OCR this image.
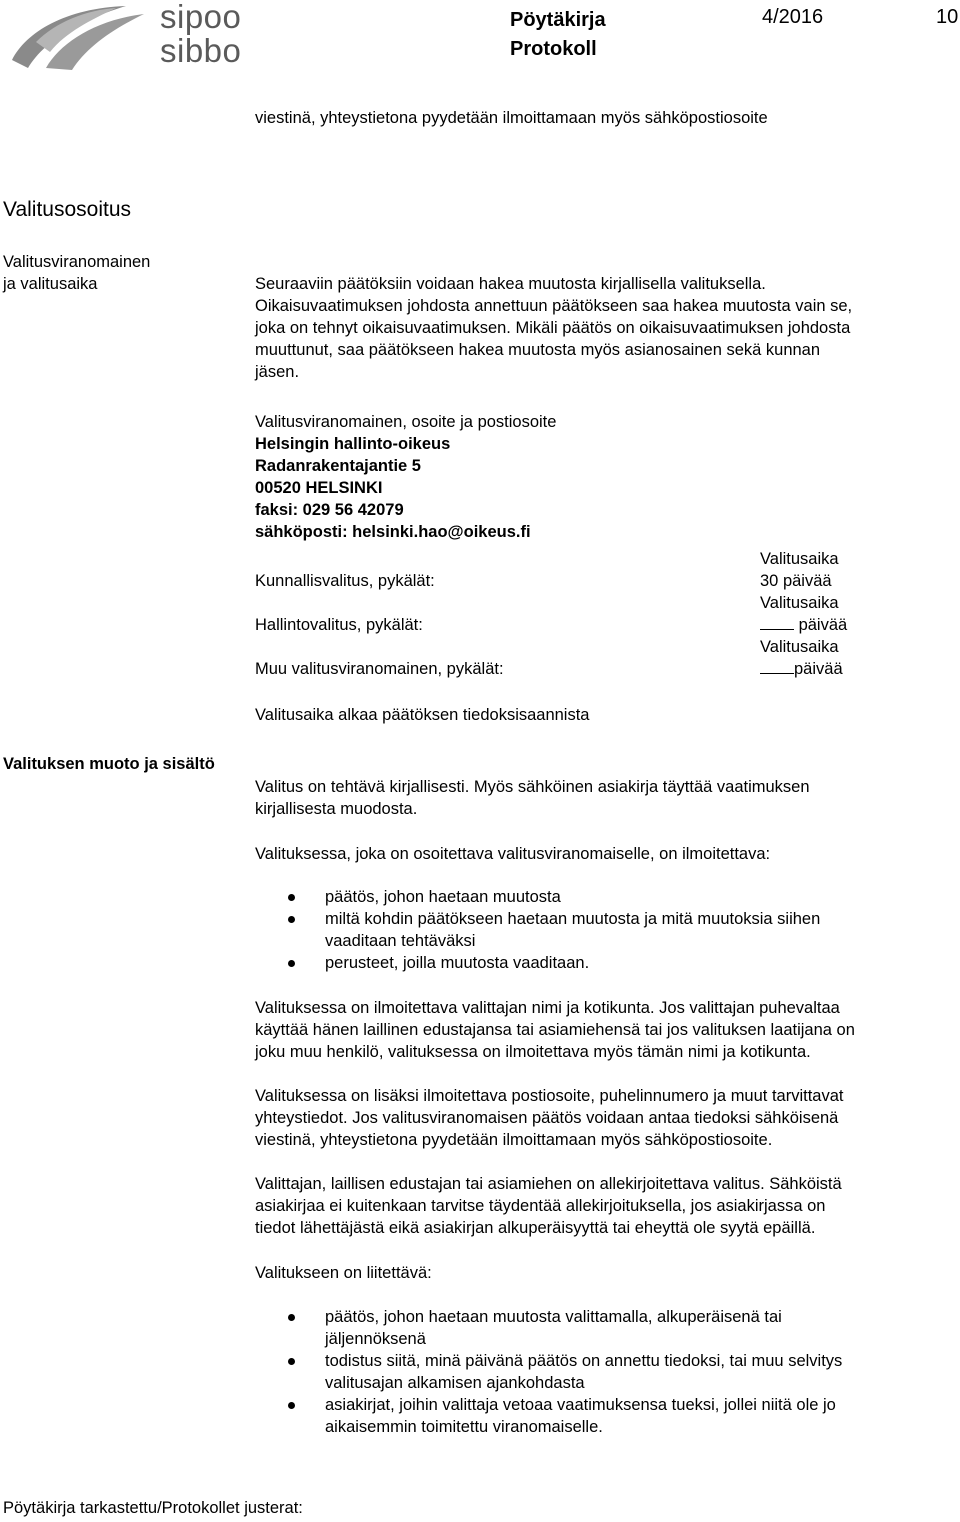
sipoo
sibbo
Pöytäkirja
Protokoll
4/2016	10
viestinä, yhteystietona pyydetään ilmoittamaan myös sähköpostiosoite
Valitusosoitus
Valitusviranomainen
ja valitusaika	Seuraaviin päätöksiin voidaan hakea muutosta kirjallisella valituksella.
Oikaisuvaatimuksen johdosta annettuun päätökseen saa hakea muutosta vain se,
joka on tehnyt oikaisuvaatimuksen. Mikäli päätös on oikaisuvaatimuksen johdosta
muuttunut, saa päätökseen hakea muutosta myös asianosainen sekä kunnan
jäsen.
Valitusviranomainen, osoite ja postiosoite
Helsingin hallinto-oikeus
Radanrakentajantie 5
00520 HELSINKI
faksi: 029 56 42079
sähköposti: helsinki.hao@oikeus.fi
Kunnallisvalitus, pykälät:
Valitusaika
30 päivää
Hallintovalitus, pykälät:
Valitusaika
päivää
Muu valitusviranomainen, pykälät:
Valitusaika
päivää
Valitusaika alkaa päätöksen tiedoksisaannista
Valituksen muoto ja sisältö
Valitus on tehtävä kirjallisesti. Myös sähköinen asiakirja täyttää vaatimuksen
kirjallisesta muodosta.
Valituksessa, joka on osoitettava valitusviranomaiselle, on ilmoitettava:
päätös, johon haetaan muutosta
miltä kohdin päätökseen haetaan muutosta ja mitä muutoksia siihen
vaaditaan tehtäväksi
perusteet, joilla muutosta vaaditaan.
Valituksessa on ilmoitettava valittajan nimi ja kotikunta. Jos valittajan puhevaltaa
käyttää hänen laillinen edustajansa tai asiamiehensä tai jos valituksen laatijana on
joku muu henkilö, valituksessa on ilmoitettava myös tämän nimi ja kotikunta.
Valituksessa on lisäksi ilmoitettava postiosoite, puhelinnumero ja muut tarvittavat
yhteystiedot. Jos valitusviranomaisen päätös voidaan antaa tiedoksi sähköisenä
viestinä, yhteystietona pyydetään ilmoittamaan myös sähköpostiosoite.
Valittajan, laillisen edustajan tai asiamiehen on allekirjoitettava valitus. Sähköistä
asiakirjaa ei kuitenkaan tarvitse täydentää allekirjoituksella, jos asiakirjassa on
tiedot lähettäjästä eikä asiakirjan alkuperäisyyttä tai eheyttä ole syytä epäillä.
Valitukseen on liitettävä:
päätös, johon haetaan muutosta valittamalla, alkuperäisenä tai
jäljennöksenä
todistus siitä, minä päivänä päätös on annettu tiedoksi, tai muu selvitys
valitusajan alkamisen ajankohdasta
asiakirjat, joihin valittaja vetoaa vaatimuksensa tueksi, jollei niitä ole jo
aikaisemmin toimitettu viranomaiselle.
Pöytäkirja tarkastettu/Protokollet justerat:
